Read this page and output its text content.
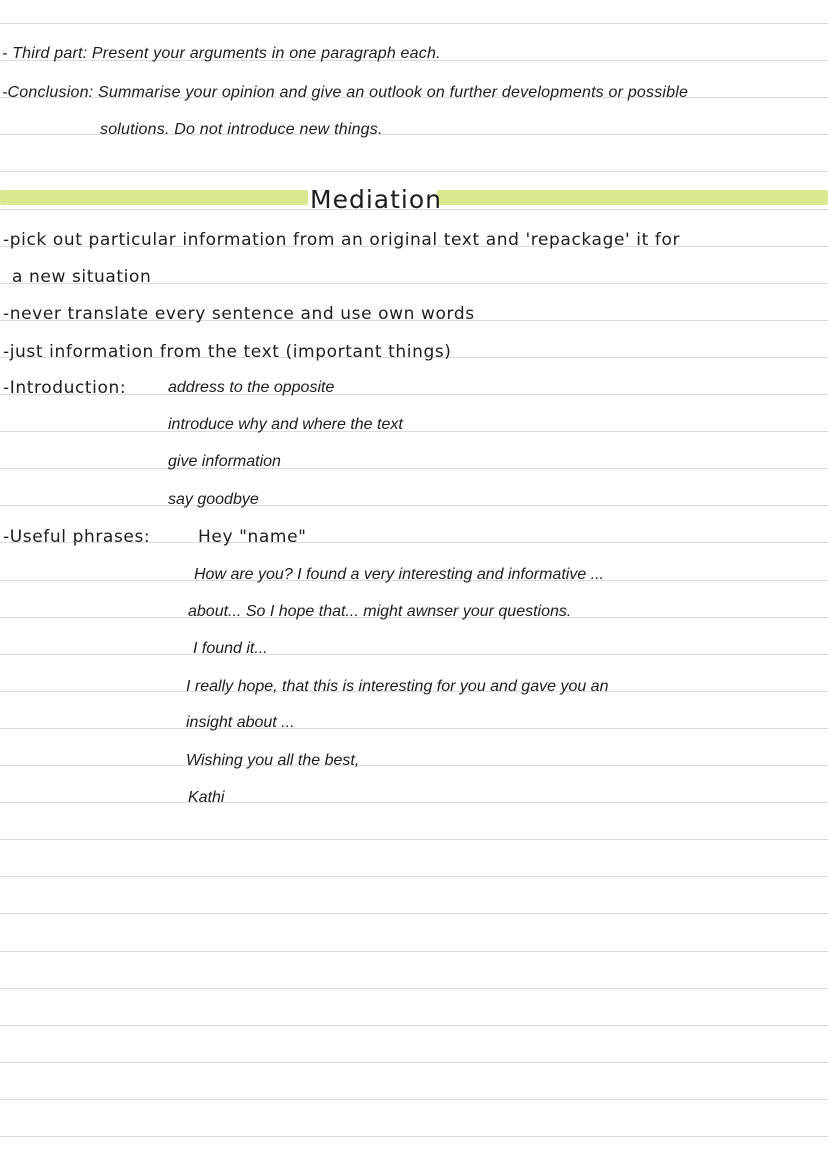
- Third part: Present your arguments in one paragraph each.
-Conclusion: Summarise your opinion and give an outlook on further developments or possible
solutions. Do not introduce new things.
Mediation
-pick out particular information from an original text and 'repackage' it for
a new situation
-never translate every sentence and use own words
-just information from the text (important things)
-Introduction:	address to the opposite
introduce why and where the text
give information
say goodbye
-Useful phrases:	Hey "name"
How are you? I found a very interesting and informative ...
about... So I hope that... might awnser your questions.
I found it...
I really hope, that this is interesting for you and gave you an
insight about ...
Wishing you all the best,
Kathi
